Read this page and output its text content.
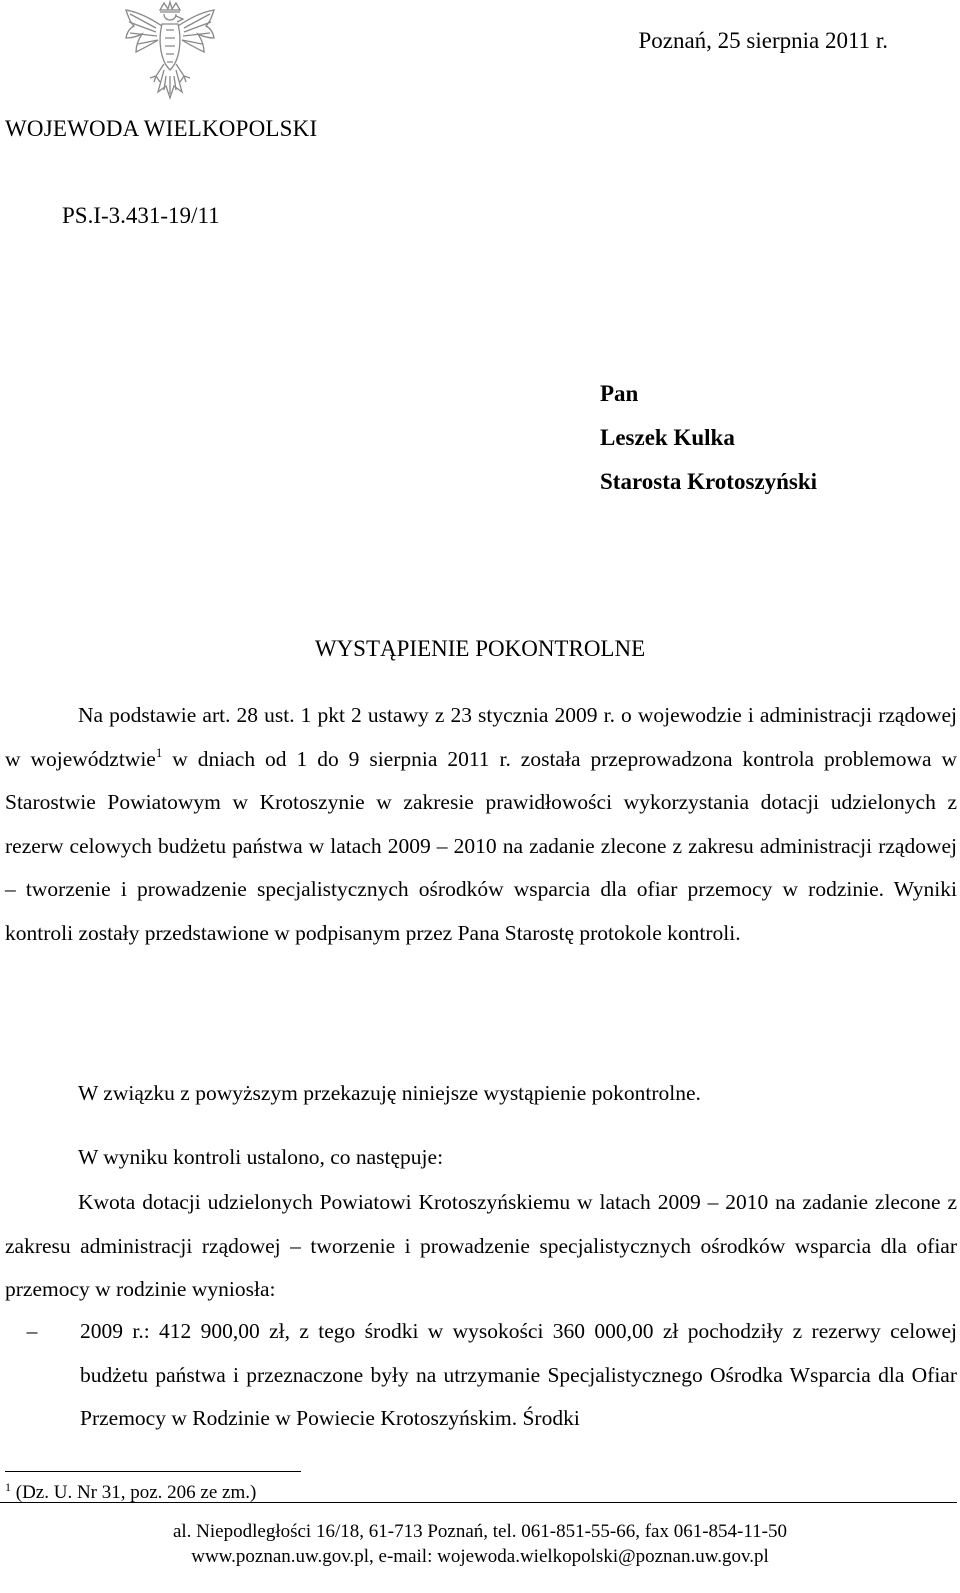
Poznań, 25 sierpnia 2011 r.
WOJEWODA WIELKOPOLSKI
PS.I-3.431-19/11
Pan
Leszek Kulka
Starosta Krotoszyński
WYSTĄPIENIE POKONTROLNE
Na podstawie art. 28 ust. 1 pkt 2 ustawy z 23 stycznia 2009 r. o wojewodzie i administracji rządowej w województwie$^1$ w dniach od 1 do 9 sierpnia 2011 r. została przeprowadzona kontrola problemowa w Starostwie Powiatowym w Krotoszynie w zakresie prawidłowości wykorzystania dotacji udzielonych z rezerw celowych budżetu państwa w latach 2009 – 2010 na zadanie zlecone z zakresu administracji rządowej – tworzenie i prowadzenie specjalistycznych ośrodków wsparcia dla ofiar przemocy w rodzinie. Wyniki kontroli zostały przedstawione w podpisanym przez Pana Starostę protokole kontroli.
W związku z powyższym przekazuję niniejsze wystąpienie pokontrolne.
W wyniku kontroli ustalono, co następuje:
Kwota dotacji udzielonych Powiatowi Krotoszyńskiemu w latach 2009 – 2010 na zadanie zlecone z zakresu administracji rządowej – tworzenie i prowadzenie specjalistycznych ośrodków wsparcia dla ofiar przemocy w rodzinie wyniosła:
–	2009 r.: 412 900,00 zł, z tego środki w wysokości 360 000,00 zł pochodziły z rezerwy celowej budżetu państwa i przeznaczone były na utrzymanie Specjalistycznego Ośrodka Wsparcia dla Ofiar Przemocy w Rodzinie w Powiecie Krotoszyńskim. Środki
$^1$ (Dz. U. Nr 31, poz. 206 ze zm.)
al. Niepodległości 16/18, 61-713 Poznań, tel. 061-851-55-66, fax 061-854-11-50
www.poznan.uw.gov.pl, e-mail: wojewoda.wielkopolski@poznan.uw.gov.pl
